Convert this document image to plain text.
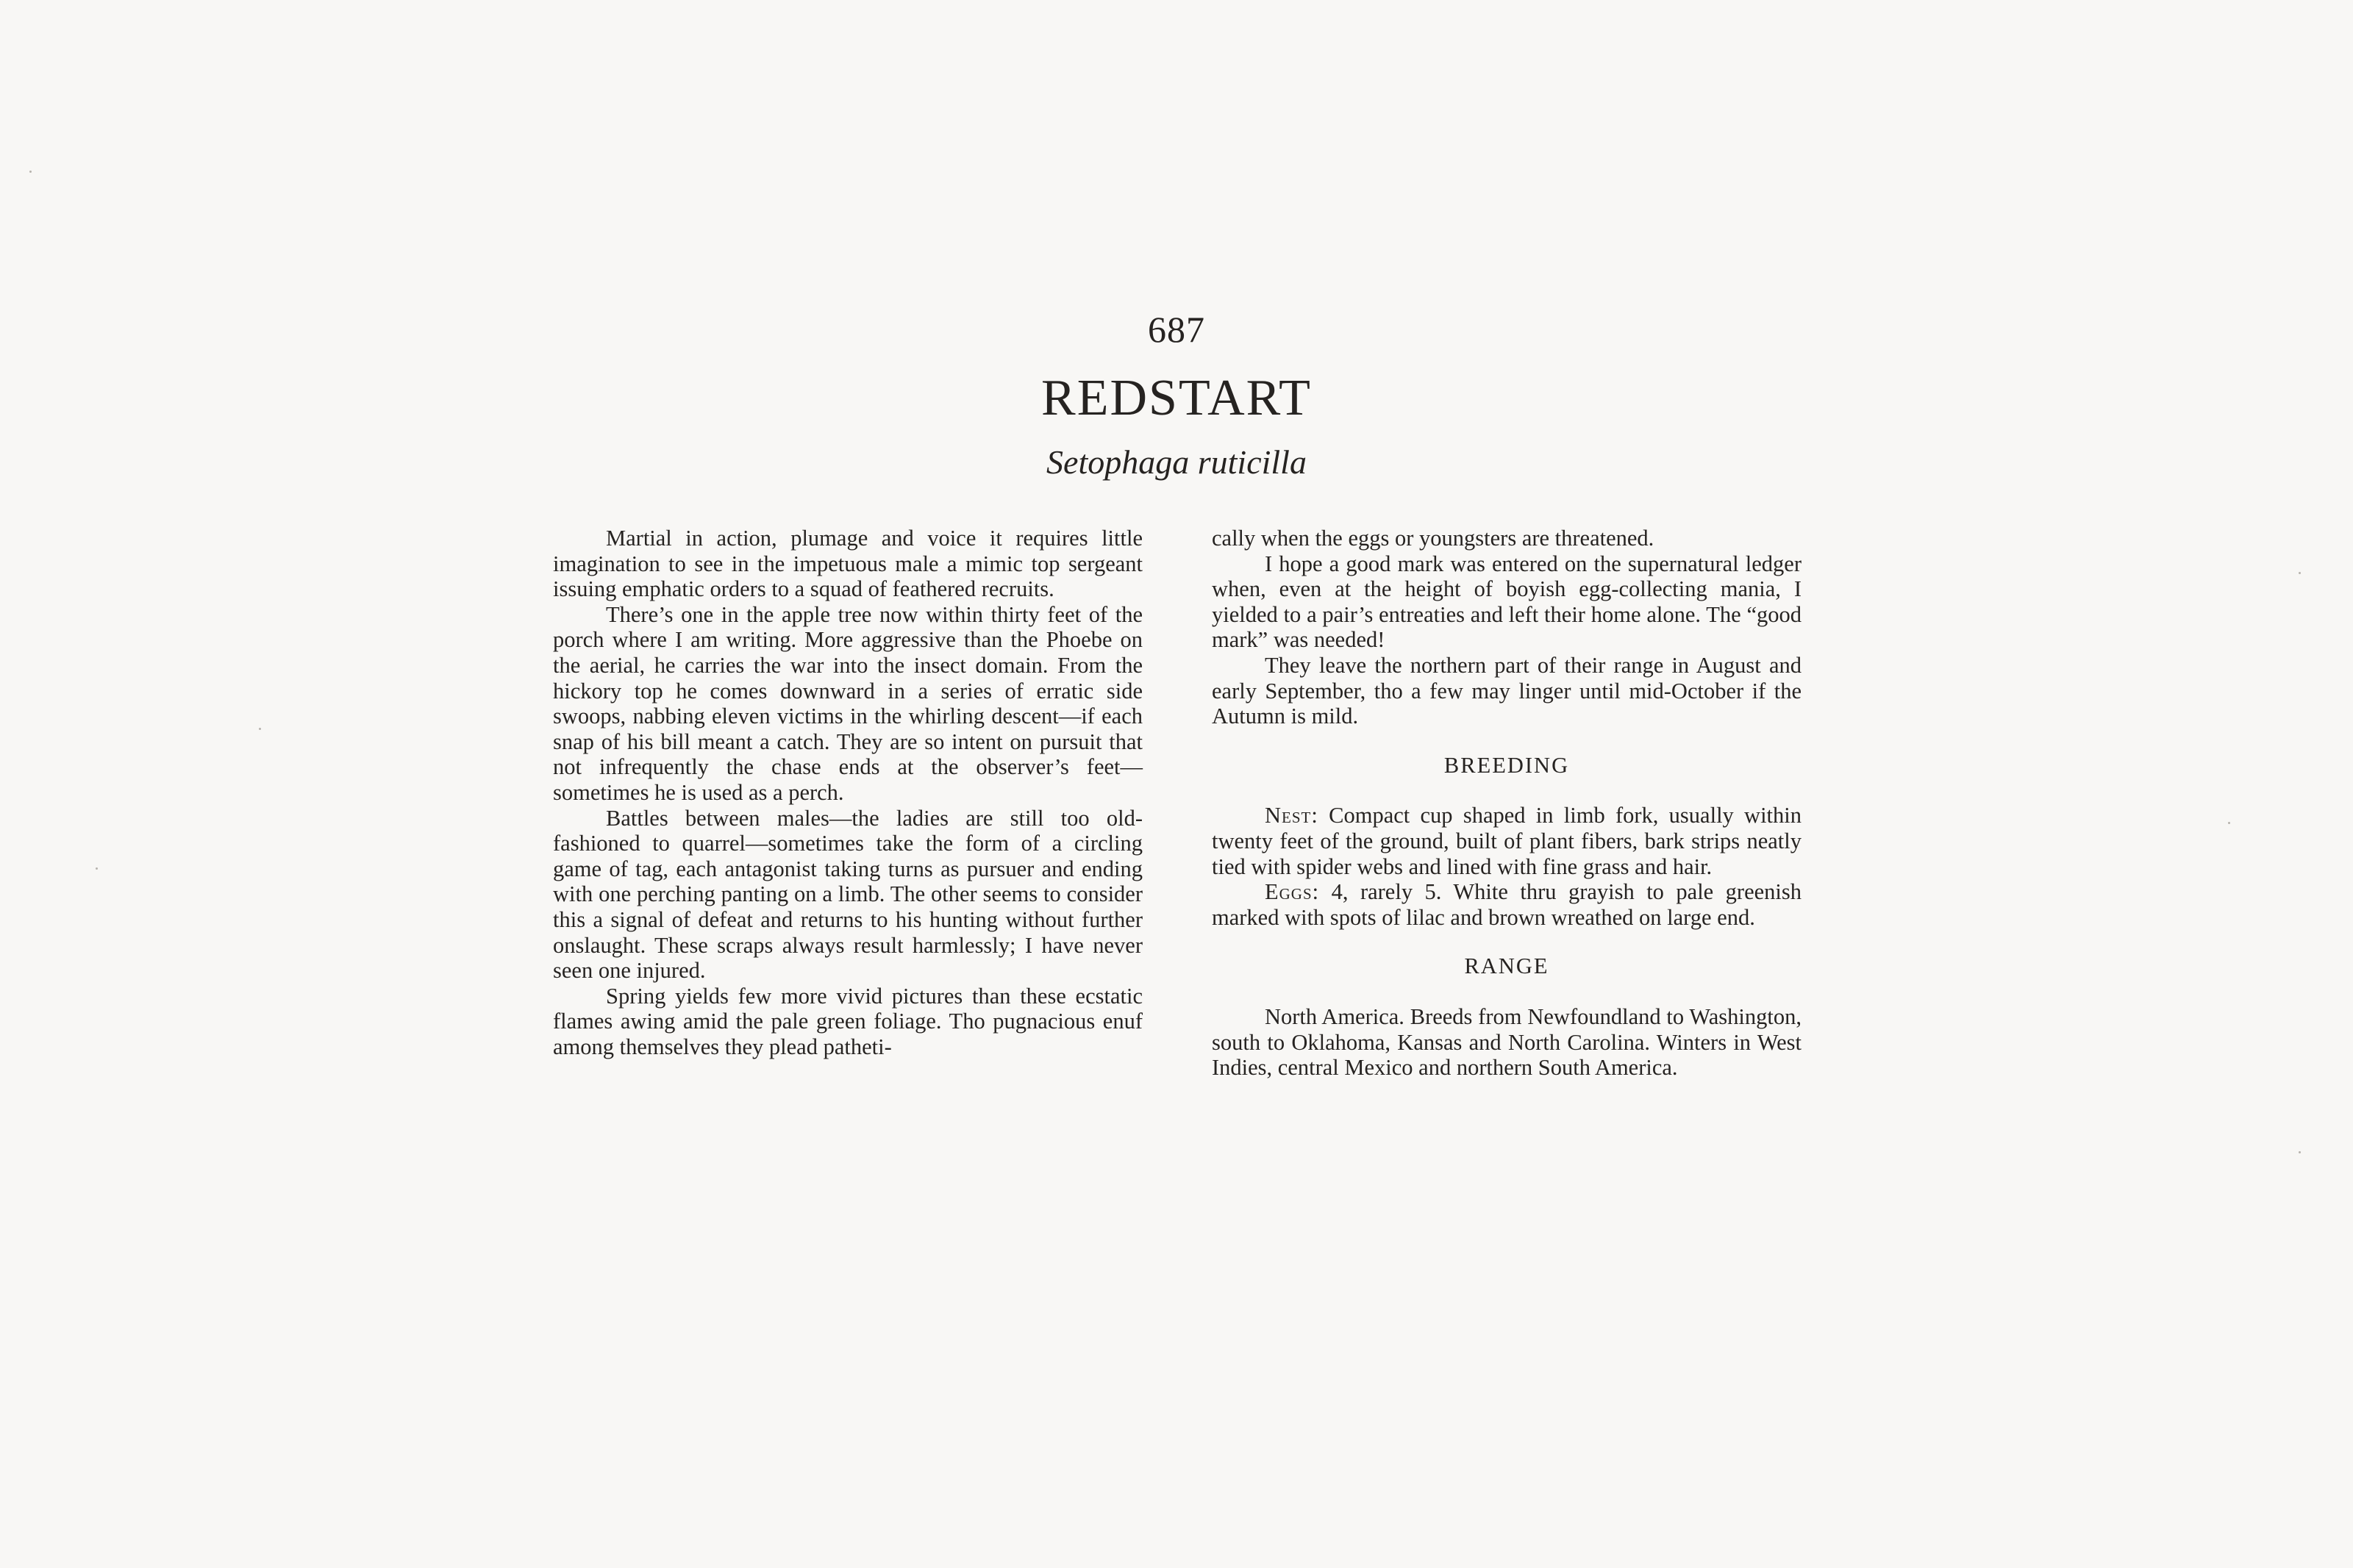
687
REDSTART
Setophaga ruticilla

Martial in action, plumage and voice it requires little imagination to see in the impetuous male a mimic top sergeant issuing emphatic orders to a squad of feathered recruits.

There’s one in the apple tree now within thirty feet of the porch where I am writing. More aggressive than the Phoebe on the aerial, he carries the war into the insect domain. From the hickory top he comes downward in a series of erratic side swoops, nabbing eleven victims in the whirling descent—if each snap of his bill meant a catch. They are so intent on pursuit that not infrequently the chase ends at the observer’s feet—sometimes he is used as a perch.

Battles between males—the ladies are still too old-fashioned to quarrel—sometimes take the form of a circling game of tag, each antagonist taking turns as pursuer and ending with one perching panting on a limb. The other seems to consider this a signal of defeat and returns to his hunting without further onslaught. These scraps always result harmlessly; I have never seen one injured.

Spring yields few more vivid pictures than these ecstatic flames awing amid the pale green foliage. Tho pugnacious enuf among themselves they plead patheti-

cally when the eggs or youngsters are threatened.

I hope a good mark was entered on the supernatural ledger when, even at the height of boyish egg-collecting mania, I yielded to a pair’s entreaties and left their home alone. The “good mark” was needed!

They leave the northern part of their range in August and early September, tho a few may linger until mid-October if the Autumn is mild.

BREEDING

Nest: Compact cup shaped in limb fork, usually within twenty feet of the ground, built of plant fibers, bark strips neatly tied with spider webs and lined with fine grass and hair.

Eggs: 4, rarely 5. White thru grayish to pale greenish marked with spots of lilac and brown wreathed on large end.

RANGE

North America. Breeds from Newfoundland to Washington, south to Oklahoma, Kansas and North Carolina. Winters in West Indies, central Mexico and northern South America.
